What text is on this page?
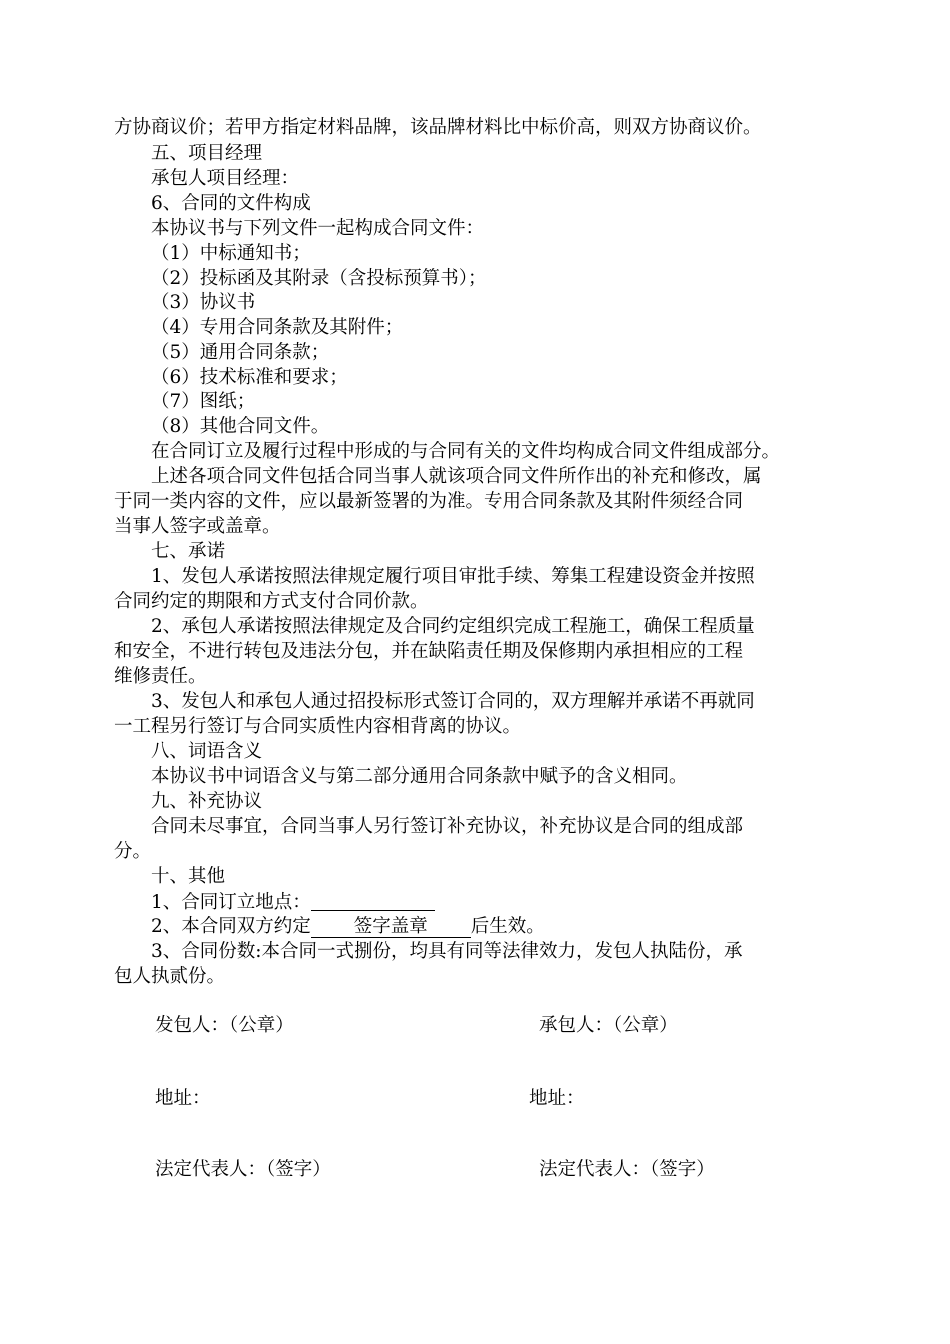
方协商议价；若甲方指定材料品牌，该品牌材料比中标价高，则双方协商议价。
五、项目经理
承包人项目经理：
6、合同的文件构成
本协议书与下列文件一起构成合同文件：
（1）中标通知书；
（2）投标函及其附录（含投标预算书）；
（3）协议书
（4）专用合同条款及其附件；
（5）通用合同条款；
（6）技术标准和要求；
（7）图纸；
（8）其他合同文件。
在合同订立及履行过程中形成的与合同有关的文件均构成合同文件组成部分。
上述各项合同文件包括合同当事人就该项合同文件所作出的补充和修改，属
于同一类内容的文件，应以最新签署的为准。专用合同条款及其附件须经合同
当事人签字或盖章。
七、承诺
1、发包人承诺按照法律规定履行项目审批手续、筹集工程建设资金并按照
合同约定的期限和方式支付合同价款。
2、承包人承诺按照法律规定及合同约定组织完成工程施工，确保工程质量
和安全，不进行转包及违法分包，并在缺陷责任期及保修期内承担相应的工程
维修责任。
3、发包人和承包人通过招投标形式签订合同的，双方理解并承诺不再就同
一工程另行签订与合同实质性内容相背离的协议。
八、词语含义
本协议书中词语含义与第二部分通用合同条款中赋予的含义相同。
九、补充协议
合同未尽事宜，合同当事人另行签订补充协议，补充协议是合同的组成部
分。
十、其他
1、合同订立地点：
2、本合同双方约定 签字盖章 后生效。
3、合同份数:本合同一式捌份，均具有同等法律效力，发包人执陆份，承
包人执贰份。
发包人：（公章）	承包人：（公章）
地址：	地址：
法定代表人：（签字）	法定代表人：（签字）
